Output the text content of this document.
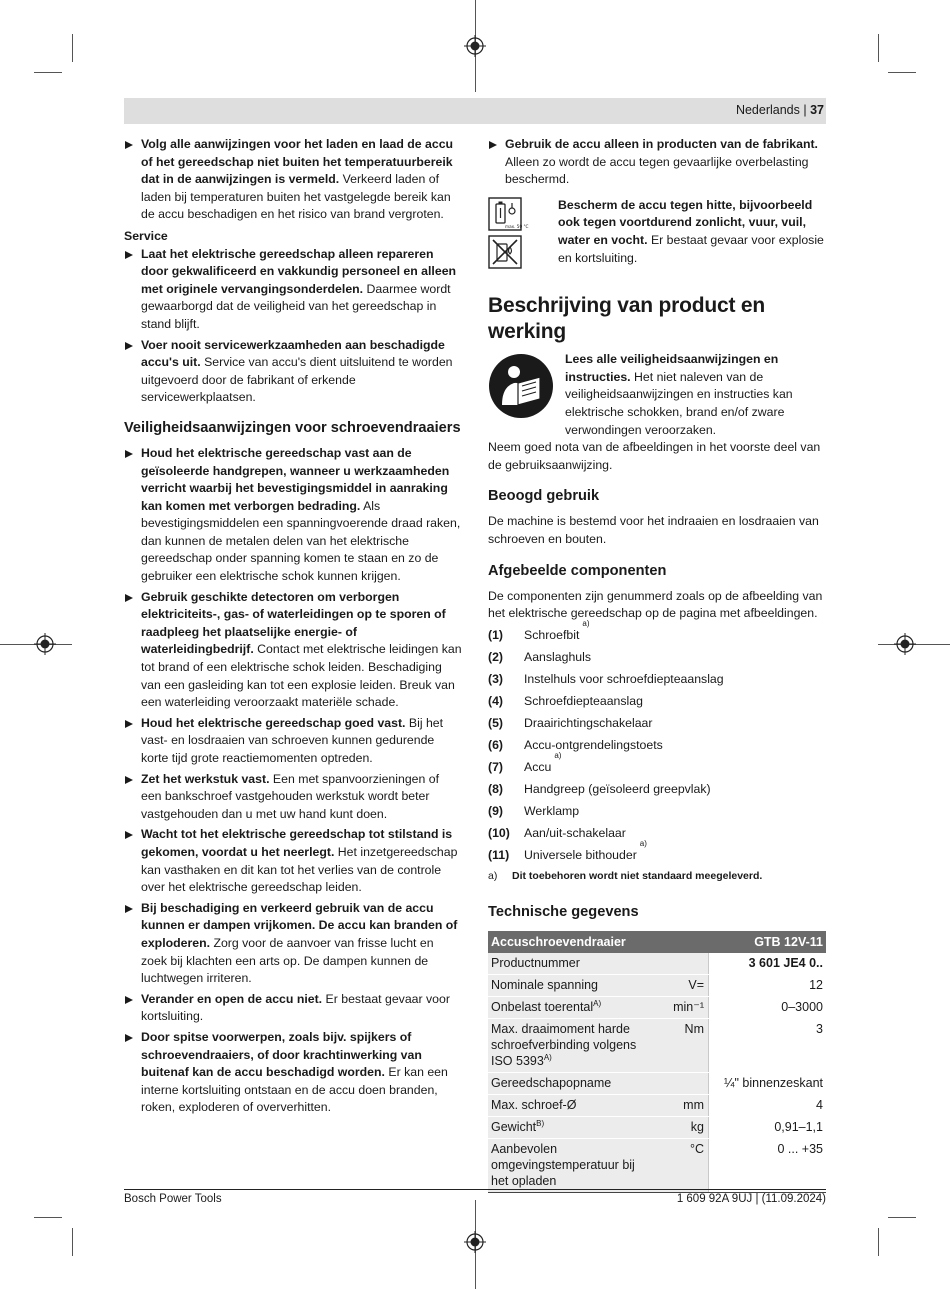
Nederlands | 37
Volg alle aanwijzingen voor het laden en laad de accu of het gereedschap niet buiten het temperatuurbereik dat in de aanwijzingen is vermeld. Verkeerd laden of laden bij temperaturen buiten het vastgelegde bereik kan de accu beschadigen en het risico van brand vergroten.
Service
Laat het elektrische gereedschap alleen repareren door gekwalificeerd en vakkundig personeel en alleen met originele vervangingsonderdelen. Daarmee wordt gewaarborgd dat de veiligheid van het gereedschap in stand blijft.
Voer nooit servicewerkzaamheden aan beschadigde accu's uit. Service van accu's dient uitsluitend te worden uitgevoerd door de fabrikant of erkende servicewerkplaatsen.
Veiligheidsaanwijzingen voor schroevendraaiers
Houd het elektrische gereedschap vast aan de geïsoleerde handgrepen, wanneer u werkzaamheden verricht waarbij het bevestigingsmiddel in aanraking kan komen met verborgen bedrading. Als bevestigingsmiddelen een spanningvoerende draad raken, dan kunnen de metalen delen van het elektrische gereedschap onder spanning komen te staan en zo de gebruiker een elektrische schok kunnen krijgen.
Gebruik geschikte detectoren om verborgen elektriciteits-, gas- of waterleidingen op te sporen of raadpleeg het plaatselijke energie- of waterleidingbedrijf. Contact met elektrische leidingen kan tot brand of een elektrische schok leiden. Beschadiging van een gasleiding kan tot een explosie leiden. Breuk van een waterleiding veroorzaakt materiële schade.
Houd het elektrische gereedschap goed vast. Bij het vast- en losdraaien van schroeven kunnen gedurende korte tijd grote reactiemomenten optreden.
Zet het werkstuk vast. Een met spanvoorzieningen of een bankschroef vastgehouden werkstuk wordt beter vastgehouden dan u met uw hand kunt doen.
Wacht tot het elektrische gereedschap tot stilstand is gekomen, voordat u het neerlegt. Het inzetgereedschap kan vasthaken en dit kan tot het verlies van de controle over het elektrische gereedschap leiden.
Bij beschadiging en verkeerd gebruik van de accu kunnen er dampen vrijkomen. De accu kan branden of exploderen. Zorg voor de aanvoer van frisse lucht en zoek bij klachten een arts op. De dampen kunnen de luchtwegen irriteren.
Verander en open de accu niet. Er bestaat gevaar voor kortsluiting.
Door spitse voorwerpen, zoals bijv. spijkers of schroevendraaiers, of door krachtinwerking van buitenaf kan de accu beschadigd worden. Er kan een interne kortsluiting ontstaan en de accu doen branden, roken, exploderen of oververhitten.
Gebruik de accu alleen in producten van de fabrikant. Alleen zo wordt de accu tegen gevaarlijke overbelasting beschermd.
max. 50 °C
Bescherm de accu tegen hitte, bijvoorbeeld ook tegen voortdurend zonlicht, vuur, vuil, water en vocht. Er bestaat gevaar voor explosie en kortsluiting.
Beschrijving van product en werking
Lees alle veiligheidsaanwijzingen en instructies. Het niet naleven van de veiligheidsaanwijzingen en instructies kan elektrische schokken, brand en/of zware verwondingen veroorzaken.

Neem goed nota van de afbeeldingen in het voorste deel van de gebruiksaanwijzing.

Beoogd gebruik

De machine is bestemd voor het indraaien en losdraaien van schroeven en bouten.

Afgebeelde componenten

De componenten zijn genummerd zoals op de afbeelding van het elektrische gereedschap op de pagina met afbeeldingen.

(1)	Schroefbit
a)
(2)	Aanslaghuls
(3)	Instelhuls voor schroefdiepteaanslag
(4)	Schroefdiepteaanslag
(5)	Draairichtingschakelaar
(6)	Accu-ontgrendelingstoets
(7)	Accu
a)
(8)	Handgreep (geïsoleerd greepvlak)
(9)	Werklamp
(10)	Aan/uit-schakelaar
(11)	Universele bithouder
a)
a) Dit toebehoren wordt niet standaard meegeleverd.
Technische gegevens
Accuschroevendraaier		GTB 12V-11
Productnummer		3 601 JE4 0..
Nominale spanning	V=	12
Onbelast toerental$^{A)}$	min⁻¹	0–3000
Max. draaimoment harde schroefverbinding volgens ISO $5393^{A)}$	Nm	3
Gereedschapopname		¼" binnenzeskant
Max. schroef-Ø	mm	4
Gewicht$^{B)}$	kg	0,91–1,1
Aanbevolen omgevingstemperatuur bij het opladen	°C	0 ... +35
Bosch Power Tools	1 609 92A 9UJ | (11.09.2024)
